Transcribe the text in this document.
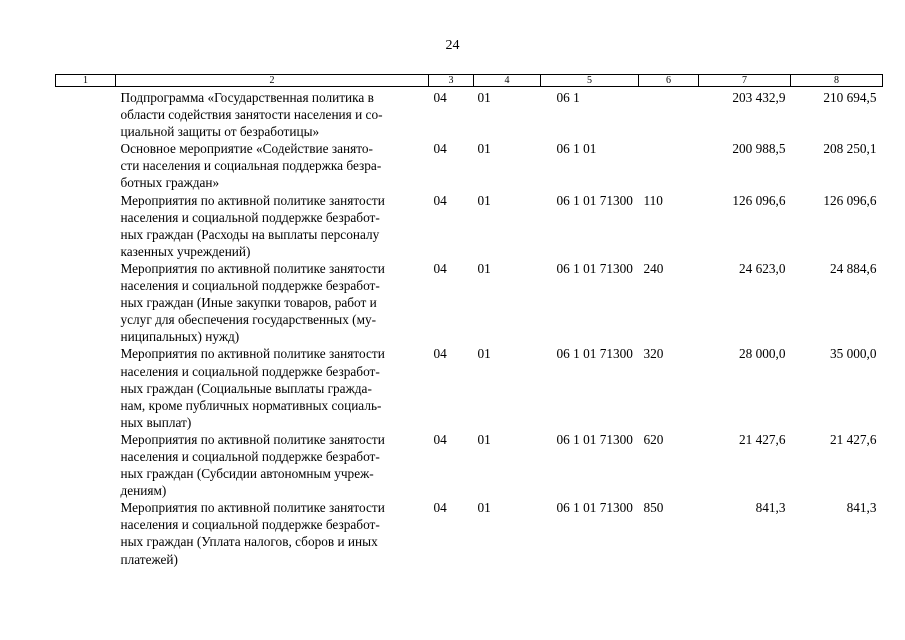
24
1	2	3	4	5	6	7	8

	Подпрограмма «Государственная политика в
области содействия занятости населения и со-
циальной защиты от безработицы»	04	01	06 1		203 432,9	210 694,5

	Основное мероприятие «Содействие занято-
сти населения и социальная поддержка безра-
ботных граждан»	04	01	06 1 01		200 988,5	208 250,1

	Мероприятия по активной политике занятости
населения и социальной поддержке безработ-
ных граждан (Расходы на выплаты персоналу
казенных учреждений)	04	01	06 1 01 71300	110	126 096,6	126 096,6

	Мероприятия по активной политике занятости
населения и социальной поддержке безработ-
ных граждан (Иные закупки товаров, работ и
услуг для обеспечения государственных (му-
ниципальных) нужд)	04	01	06 1 01 71300	240	24 623,0	24 884,6

	Мероприятия по активной политике занятости
населения и социальной поддержке безработ-
ных граждан (Социальные выплаты гражда-
нам, кроме публичных нормативных социаль-
ных выплат)	04	01	06 1 01 71300	320	28 000,0	35 000,0

	Мероприятия по активной политике занятости
населения и социальной поддержке безработ-
ных граждан (Субсидии автономным учреж-
дениям)	04	01	06 1 01 71300	620	21 427,6	21 427,6

	Мероприятия по активной политике занятости
населения и социальной поддержке безработ-
ных граждан (Уплата налогов, сборов и иных
платежей)	04	01	06 1 01 71300	850	841,3	841,3
